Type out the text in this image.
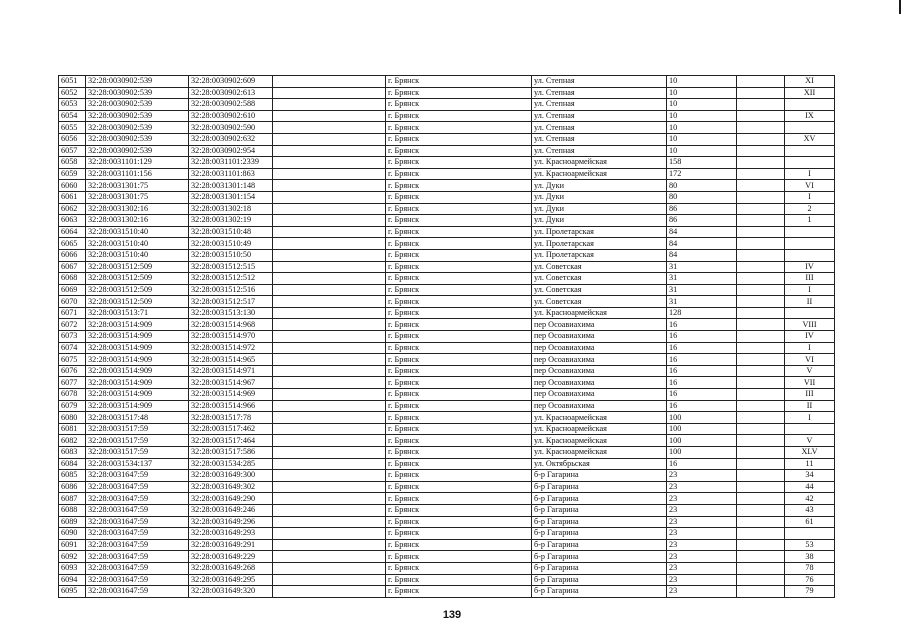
6051	32:28:0030902:539	32:28:0030902:609		г. Брянск	ул. Степная	10		XI
6052	32:28:0030902:539	32:28:0030902:613		г. Брянск	ул. Степная	10		XII
6053	32:28:0030902:539	32:28:0030902:588		г. Брянск	ул. Степная	10		
6054	32:28:0030902:539	32:28:0030902:610		г. Брянск	ул. Степная	10		IX
6055	32:28:0030902:539	32:28:0030902:590		г. Брянск	ул. Степная	10		
6056	32:28:0030902:539	32:28:0030902:632		г. Брянск	ул. Степная	10		XV
6057	32:28:0030902:539	32:28:0030902:954		г. Брянск	ул. Степная	10		
6058	32:28:0031101:129	32:28:0031101:2339		г. Брянск	ул. Красноармейская	158		
6059	32:28:0031101:156	32:28:0031101:863		г. Брянск	ул. Красноармейская	172		I
6060	32:28:0031301:75	32:28:0031301:148		г. Брянск	ул. Дуки	80		VI
6061	32:28:0031301:75	32:28:0031301:154		г. Брянск	ул. Дуки	80		I
6062	32:28:0031302:16	32:28:0031302:18		г. Брянск	ул. Дуки	86		2
6063	32:28:0031302:16	32:28:0031302:19		г. Брянск	ул. Дуки	86		1
6064	32:28:0031510:40	32:28:0031510:48		г. Брянск	ул. Пролетарская	84		
6065	32:28:0031510:40	32:28:0031510:49		г. Брянск	ул. Пролетарская	84		
6066	32:28:0031510:40	32:28:0031510:50		г. Брянск	ул. Пролетарская	84		
6067	32:28:0031512:509	32:28:0031512:515		г. Брянск	ул. Советская	31		IV
6068	32:28:0031512:509	32:28:0031512:512		г. Брянск	ул. Советская	31		III
6069	32:28:0031512:509	32:28:0031512:516		г. Брянск	ул. Советская	31		I
6070	32:28:0031512:509	32:28:0031512:517		г. Брянск	ул. Советская	31		II
6071	32:28:0031513:71	32:28:0031513:130		г. Брянск	ул. Красноармейская	128		
6072	32:28:0031514:909	32:28:0031514:968		г. Брянск	пер Осоавиахима	16		VIII
6073	32:28:0031514:909	32:28:0031514:970		г. Брянск	пер Осоавиахима	16		IV
6074	32:28:0031514:909	32:28:0031514:972		г. Брянск	пер Осоавиахима	16		I
6075	32:28:0031514:909	32:28:0031514:965		г. Брянск	пер Осоавиахима	16		VI
6076	32:28:0031514:909	32:28:0031514:971		г. Брянск	пер Осоавиахима	16		V
6077	32:28:0031514:909	32:28:0031514:967		г. Брянск	пер Осоавиахима	16		VII
6078	32:28:0031514:909	32:28:0031514:969		г. Брянск	пер Осоавиахима	16		III
6079	32:28:0031514:909	32:28:0031514:966		г. Брянск	пер Осоавиахима	16		II
6080	32:28:0031517:48	32:28:0031517:78		г. Брянск	ул. Красноармейская	100		I
6081	32:28:0031517:59	32:28:0031517:462		г. Брянск	ул. Красноармейская	100		
6082	32:28:0031517:59	32:28:0031517:464		г. Брянск	ул. Красноармейская	100		V
6083	32:28:0031517:59	32:28:0031517:586		г. Брянск	ул. Красноармейская	100		XLV
6084	32:28:0031534:137	32:28:0031534:285		г. Брянск	ул. Октябрьская	16		11
6085	32:28:0031647:59	32:28:0031649:300		г. Брянск	б-р Гагарина	23		34
6086	32:28:0031647:59	32:28:0031649:302		г. Брянск	б-р Гагарина	23		44
6087	32:28:0031647:59	32:28:0031649:290		г. Брянск	б-р Гагарина	23		42
6088	32:28:0031647:59	32:28:0031649:246		г. Брянск	б-р Гагарина	23		43
6089	32:28:0031647:59	32:28:0031649:296		г. Брянск	б-р Гагарина	23		61
6090	32:28:0031647:59	32:28:0031649:293		г. Брянск	б-р Гагарина	23		
6091	32:28:0031647:59	32:28:0031649:291		г. Брянск	б-р Гагарина	23		53
6092	32:28:0031647:59	32:28:0031649:229		г. Брянск	б-р Гагарина	23		38
6093	32:28:0031647:59	32:28:0031649:268		г. Брянск	б-р Гагарина	23		78
6094	32:28:0031647:59	32:28:0031649:295		г. Брянск	б-р Гагарина	23		76
6095	32:28:0031647:59	32:28:0031649:320		г. Брянск	б-р Гагарина	23		79
139
